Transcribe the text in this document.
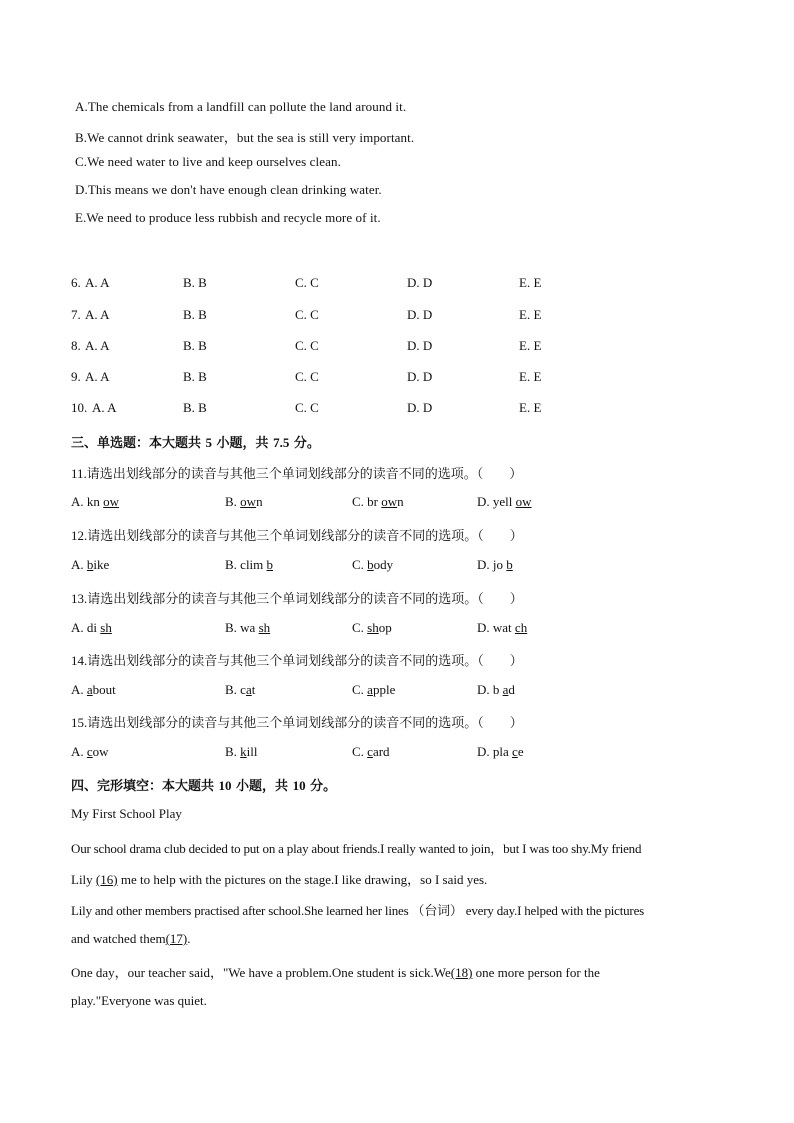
A.The chemicals from a landfill can pollute the land around it.
B.We cannot drink seawater，but the sea is still very important.
C.We need water to live and keep ourselves clean.
D.This means we don't have enough clean drinking water.
E.We need to produce less rubbish and recycle more of it.
6. A. A	B. B	C. C	D. D	E. E
7. A. A	B. B	C. C	D. D	E. E
8. A. A	B. B	C. C	D. D	E. E
9. A. A	B. B	C. C	D. D	E. E
10. A. A	B. B	C. C	D. D	E. E
三、单选题：本大题共 5 小题，共 7.5 分。
11.请选出划线部分的读音与其他三个单词划线部分的读音不同的选项。（　　）
A. kn ow	B. own	C. br own	D. yell ow
12.请选出划线部分的读音与其他三个单词划线部分的读音不同的选项。（　　）
A. bike	B. clim b	C. body	D. jo b
13.请选出划线部分的读音与其他三个单词划线部分的读音不同的选项。（　　）
A. di sh	B. wa sh	C. shop	D. wat ch
14.请选出划线部分的读音与其他三个单词划线部分的读音不同的选项。（　　）
A. about	B. cat	C. apple	D. b ad
15.请选出划线部分的读音与其他三个单词划线部分的读音不同的选项。（　　）
A. cow	B. kill	C. card	D. pla ce
四、完形填空：本大题共 10 小题，共 10 分。
My First School Play
Our school drama club decided to put on a play about friends.I really wanted to join，but I was too shy.My friend
Lily (16) me to help with the pictures on the stage.I like drawing，so I said yes.
Lily and other members practised after school.She learned her lines （台词） every day.I helped with the pictures
and watched them(17).
One day，our teacher said，"We have a problem.One student is sick.We(18) one more person for the
play."Everyone was quiet.
